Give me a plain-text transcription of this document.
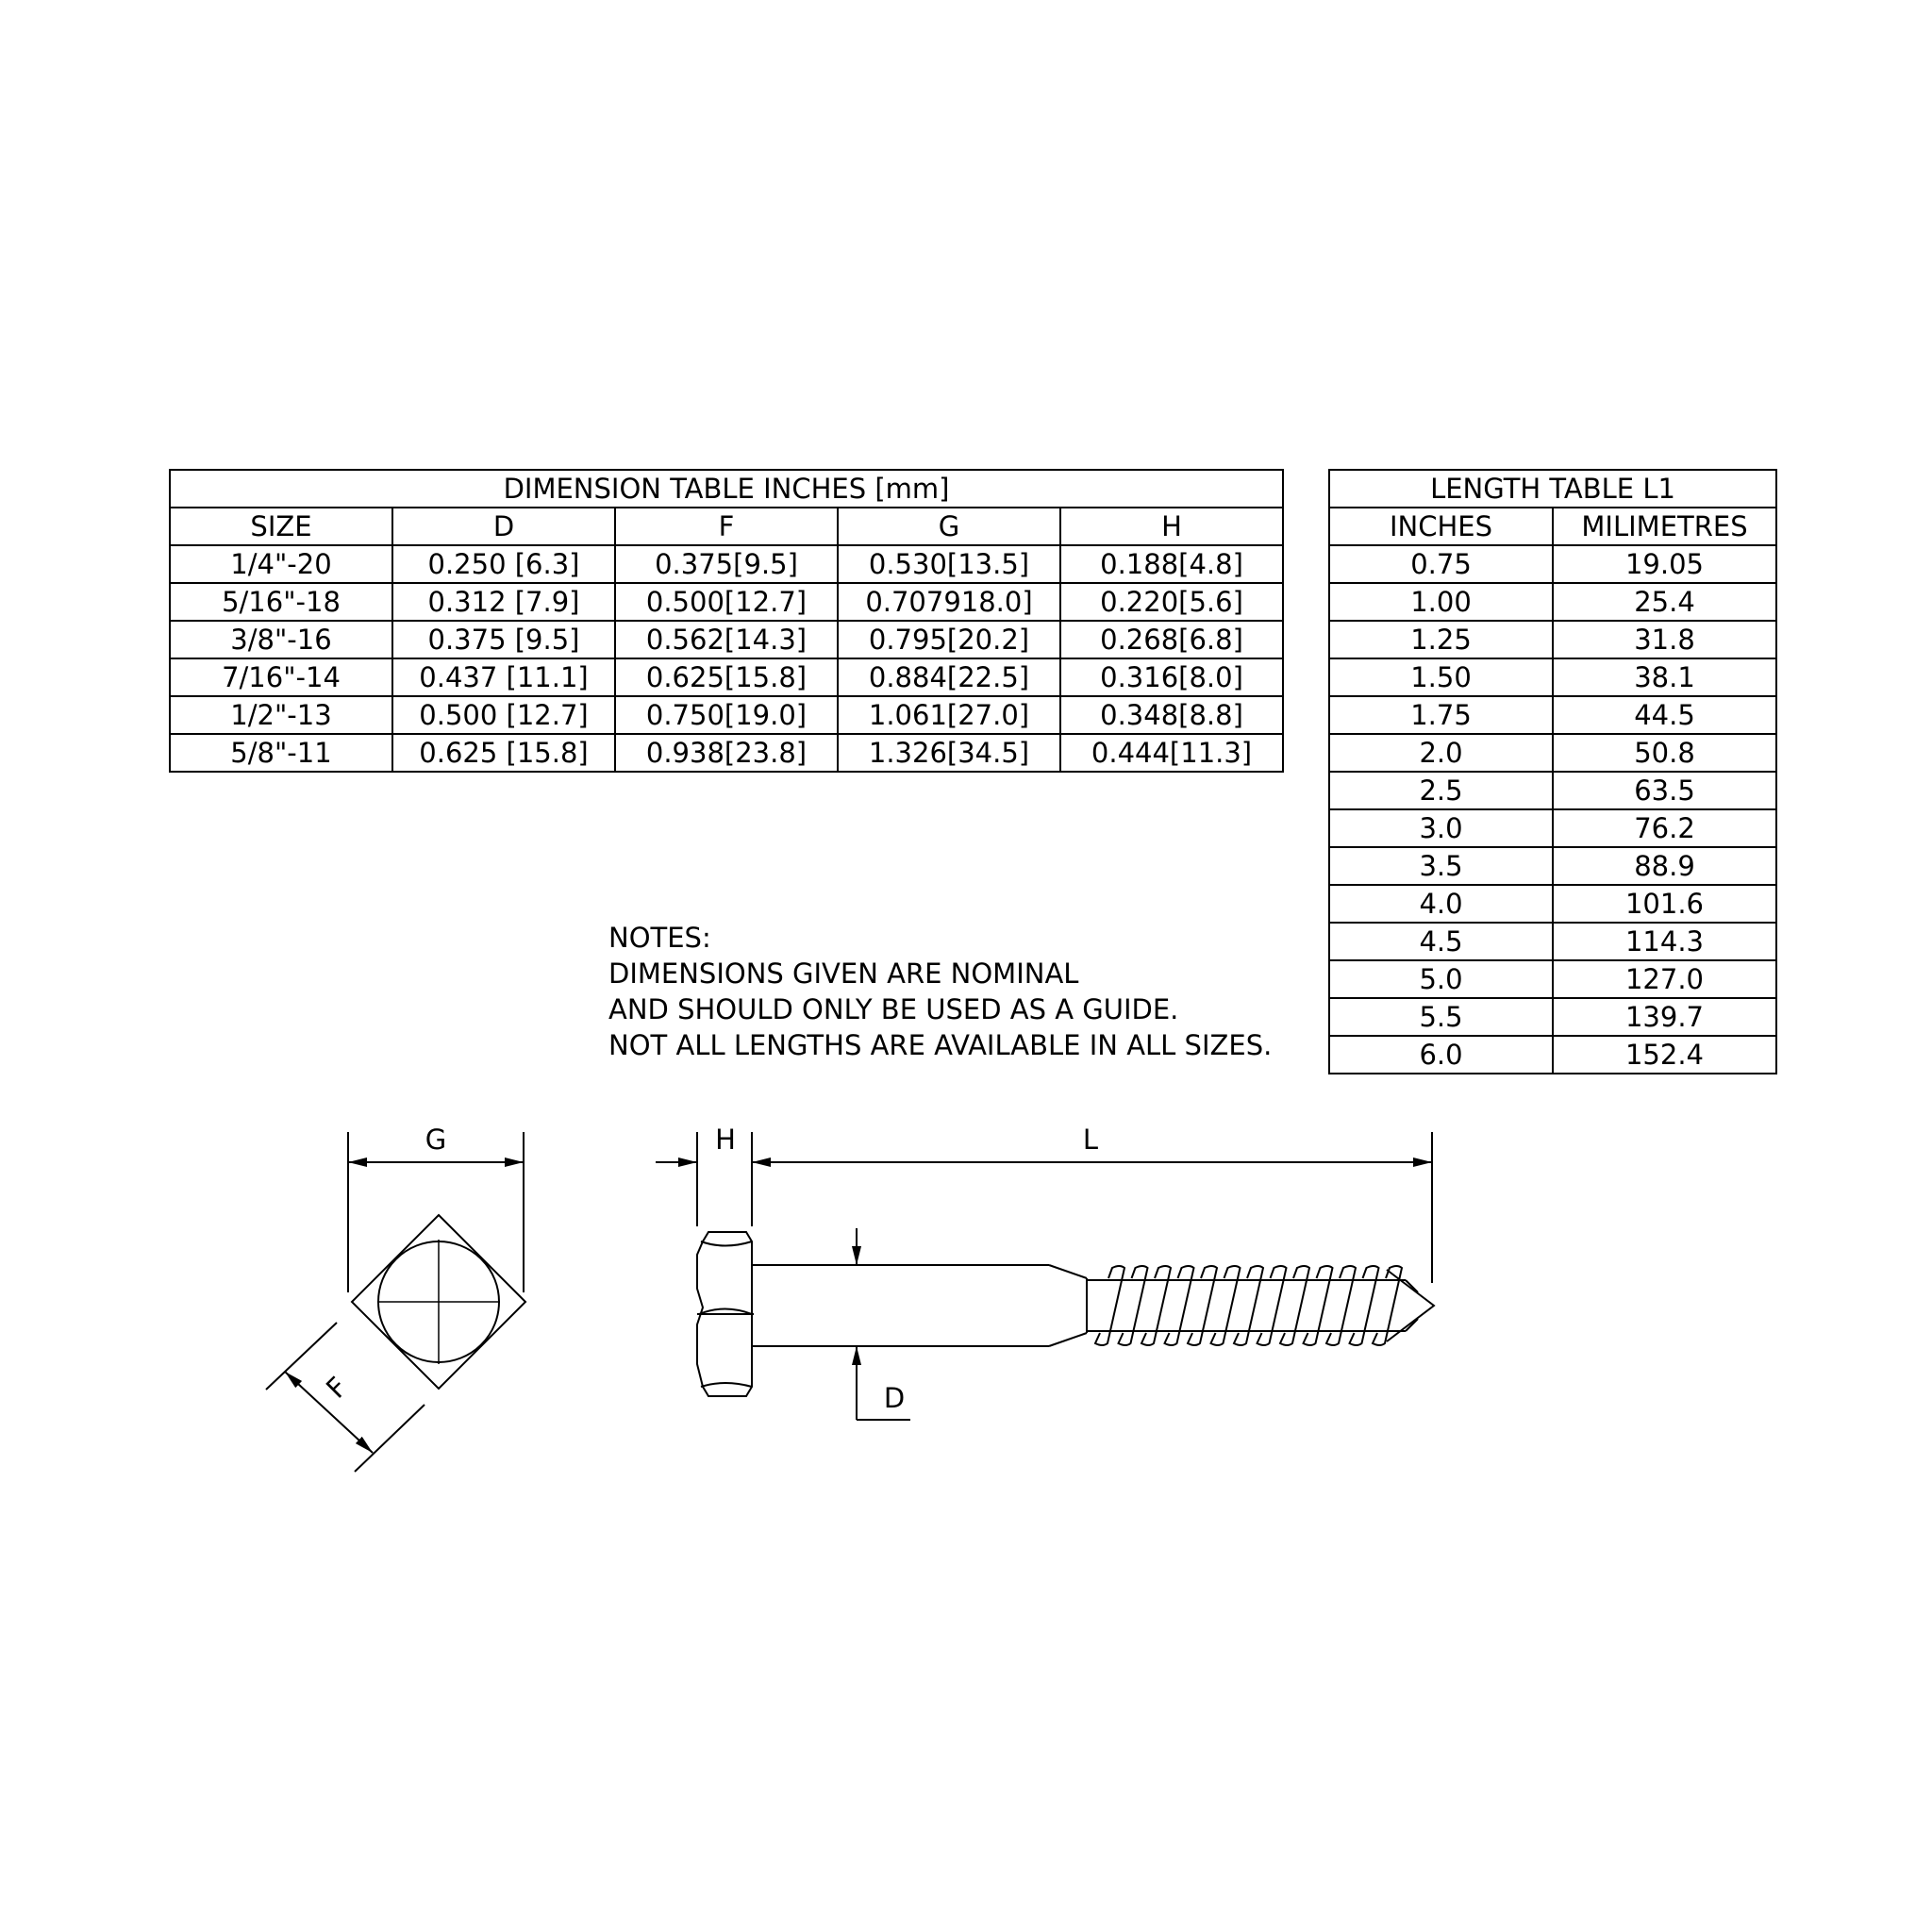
DIMENSION TABLE INCHES [mm]				
SIZE	D	F	G	H
1/4"-20	0.250 [6.3]	0.375[9.5]	0.530[13.5]	0.188[4.8]
5/16"-18	0.312 [7.9]	0.500[12.7]	0.707918.0]	0.220[5.6]
3/8"-16	0.375 [9.5]	0.562[14.3]	0.795[20.2]	0.268[6.8]
7/16"-14	0.437 [11.1]	0.625[15.8]	0.884[22.5]	0.316[8.0]
1/2"-13	0.500 [12.7]	0.750[19.0]	1.061[27.0]	0.348[8.8]
5/8"-11	0.625 [15.8]	0.938[23.8]	1.326[34.5]	0.444[11.3]
LENGTH TABLE L1	
INCHES	MILIMETRES
0.75	19.05
1.00	25.4
1.25	31.8
1.50	38.1
1.75	44.5
2.0	50.8
2.5	63.5
3.0	76.2
3.5	88.9
4.0	101.6
4.5	114.3
5.0	127.0
5.5	139.7
6.0	152.4
NOTES:
DIMENSIONS GIVEN ARE NOMINAL
AND SHOULD ONLY BE USED AS A GUIDE.
NOT ALL LENGTHS ARE AVAILABLE IN ALL SIZES.
G
F
H	L
D
